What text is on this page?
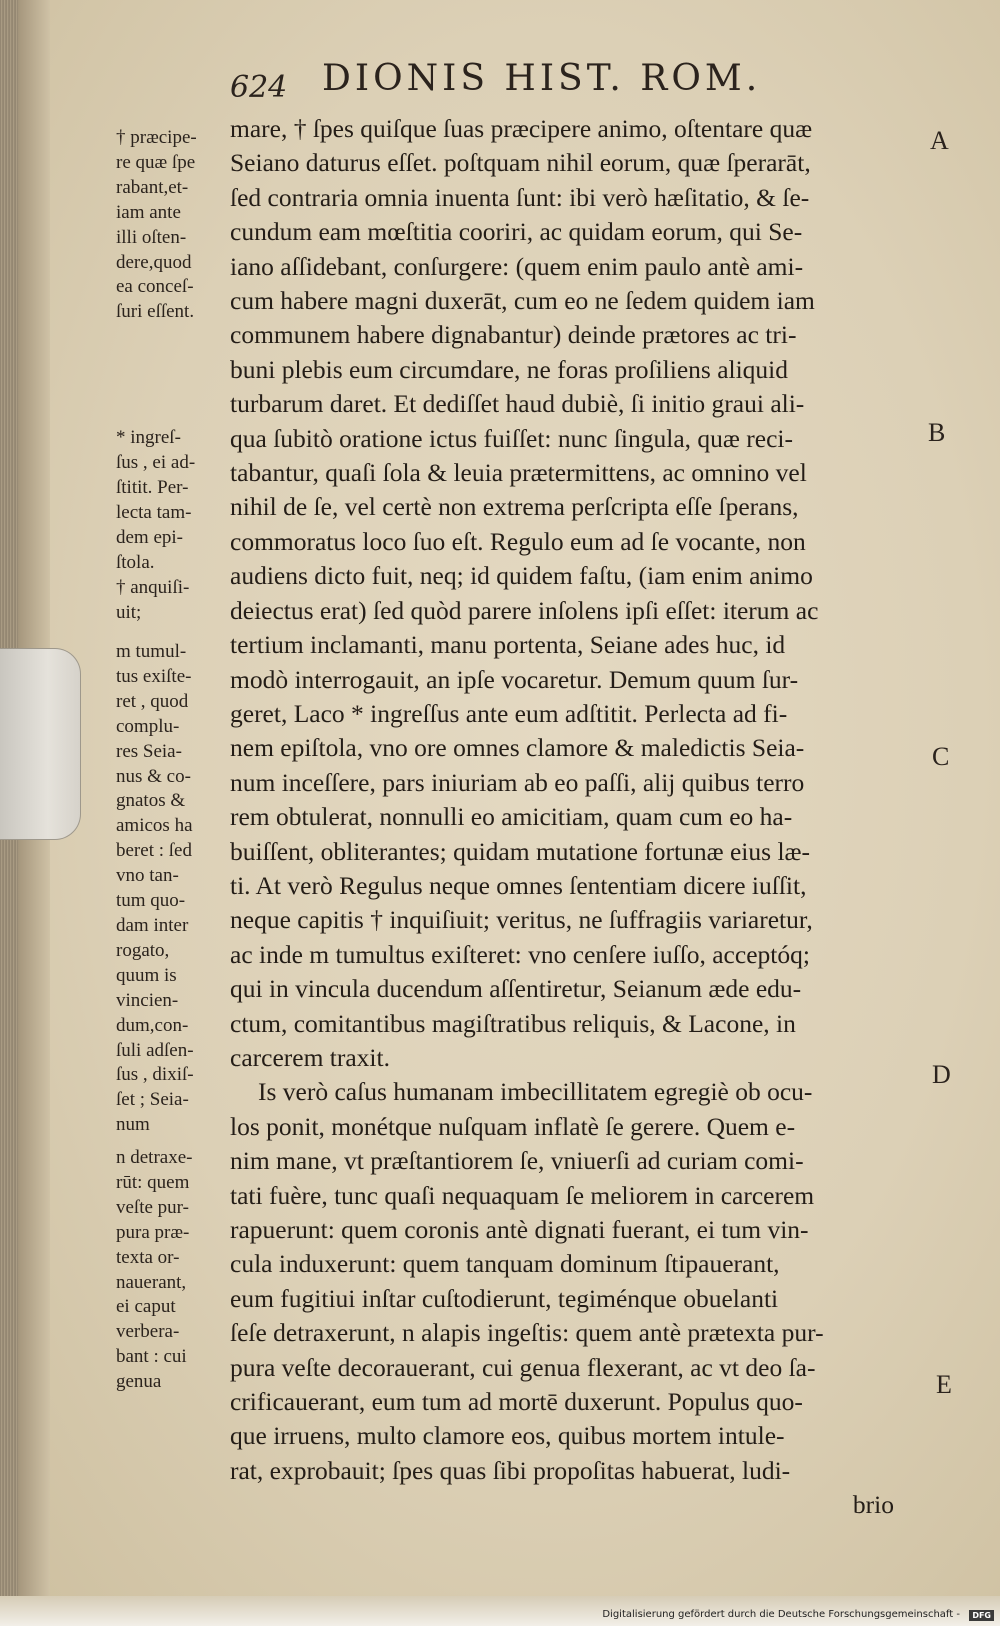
624 DIONIS HIST. ROM.
A
B
C
D
E
† præcipe-
re quæ ſpe
rabant,et-
iam ante
illi oſten-
dere,quod
ea conceſ-
ſuri eſſent.
* ingreſ-
ſus , ei ad-
ſtitit. Per-
lecta tam-
dem epi-
ſtola.
† anquiſi-
uit;
m tumul-
tus exiſte-
ret , quod
complu-
res Seia-
nus & co-
gnatos &
amicos ha
beret : ſed
vno tan-
tum quo-
dam inter
rogato,
quum is
vincien-
dum,con-
ſuli adſen-
ſus , dixiſ-
ſet ; Seia-
num
n detraxe-
rūt: quem
veſte pur-
pura præ-
texta or-
nauerant,
ei caput
verbera-
bant : cui
genua
mare, † ſpes quiſque ſuas præcipere animo, oſtentare quæ
Seiano daturus eſſet. poſtquam nihil eorum, quæ ſperarāt,
ſed contraria omnia inuenta ſunt: ibi verò hæſitatio, & ſe-
cundum eam mœſtitia cooriri, ac quidam eorum, qui Se-
iano aſſidebant, conſurgere: (quem enim paulo antè ami-
cum habere magni duxerāt, cum eo ne ſedem quidem iam
communem habere dignabantur) deinde prætores ac tri-
buni plebis eum circumdare, ne foras proſiliens aliquid
turbarum daret. Et dediſſet haud dubiè, ſi initio graui ali-
qua ſubitò oratione ictus fuiſſet: nunc ſingula, quæ reci-
tabantur, quaſi ſola & leuia prætermittens, ac omnino vel
nihil de ſe, vel certè non extrema perſcripta eſſe ſperans,
commoratus loco ſuo eſt. Regulo eum ad ſe vocante, non
audiens dicto fuit, neq; id quidem faſtu, (iam enim animo
deiectus erat) ſed quòd parere inſolens ipſi eſſet: iterum ac
tertium inclamanti, manu portenta, Seiane ades huc, id
modò interrogauit, an ipſe vocaretur. Demum quum ſur-
geret, Laco * ingreſſus ante eum adſtitit. Perlecta ad fi-
nem epiſtola, vno ore omnes clamore & maledictis Seia-
num inceſſere, pars iniuriam ab eo paſſi, alij quibus terro
rem obtulerat, nonnulli eo amicitiam, quam cum eo ha-
buiſſent, obliterantes; quidam mutatione fortunæ eius læ-
ti. At verò Regulus neque omnes ſententiam dicere iuſſit,
neque capitis † inquiſiuit; veritus, ne ſuffragiis variaretur,
ac inde m tumultus exiſteret: vno cenſere iuſſo, acceptóq;
qui in vincula ducendum aſſentiretur, Seianum æde edu-
ctum, comitantibus magiſtratibus reliquis, & Lacone, in
carcerem traxit.
Is verò caſus humanam imbecillitatem egregiè ob ocu-
los ponit, monétque nuſquam inflatè ſe gerere. Quem e-
nim mane, vt præſtantiorem ſe, vniuerſi ad curiam comi-
tati fuère, tunc quaſi nequaquam ſe meliorem in carcerem
rapuerunt: quem coronis antè dignati fuerant, ei tum vin-
cula induxerunt: quem tanquam dominum ſtipauerant,
eum fugitiui inſtar cuſtodierunt, tegiménque obuelanti
ſeſe detraxerunt, n alapis ingeſtis: quem antè prætexta pur-
pura veſte decorauerant, cui genua flexerant, ac vt deo ſa-
crificauerant, eum tum ad mortē duxerunt. Populus quo-
que irruens, multo clamore eos, quibus mortem intule-
rat, exprobauit; ſpes quas ſibi propoſitas habuerat, ludi-
brio
Digitalisierung gefördert durch die Deutsche Forschungsgemeinschaft -	DFG
